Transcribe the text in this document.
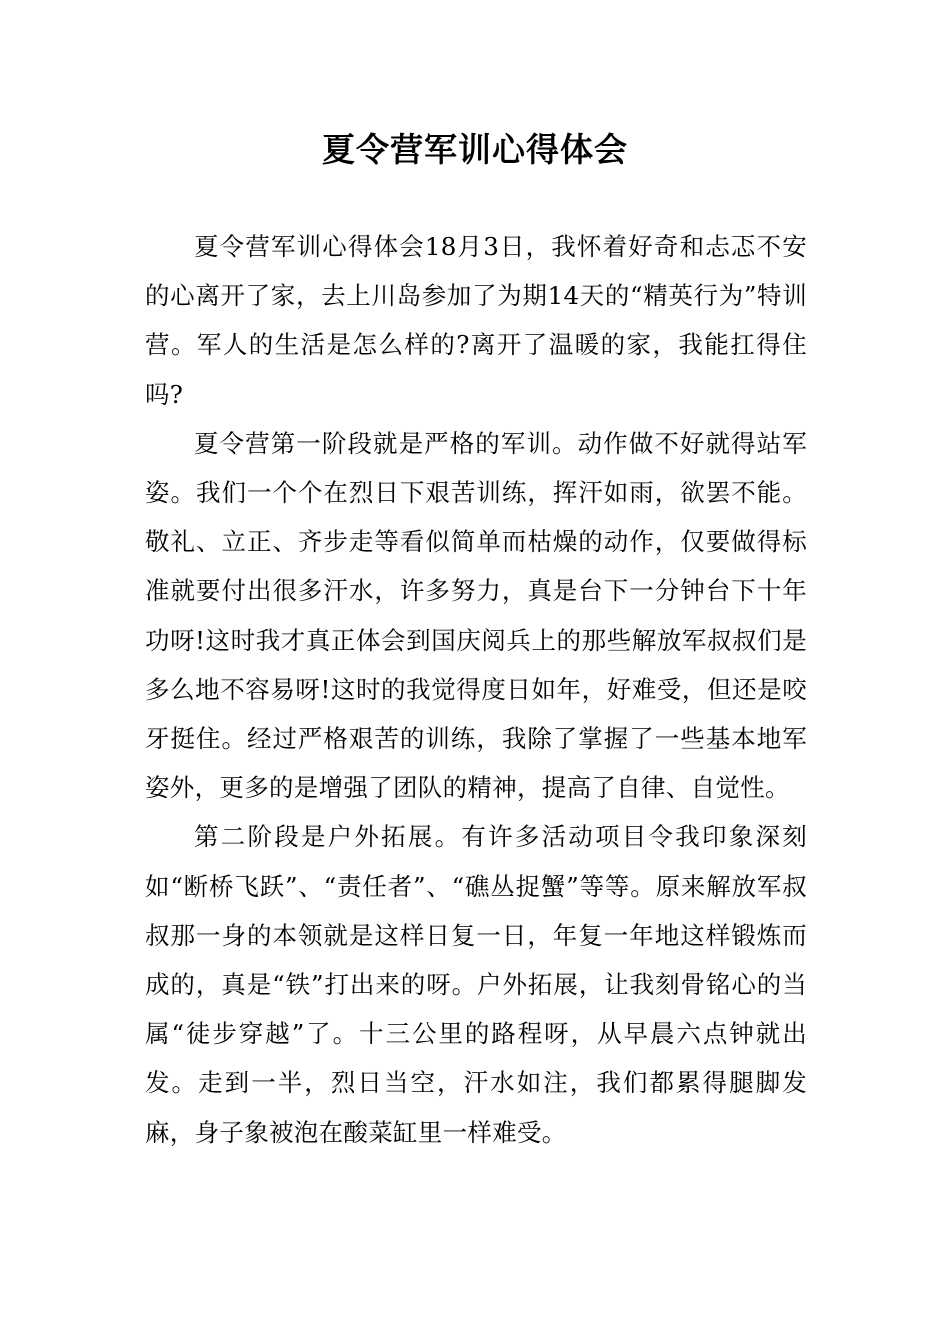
夏令营军训心得体会

夏令营军训心得体会18月3日，我怀着好奇和忐忑不安的心离开了家，去上川岛参加了为期14天的“精英行为”特训营。军人的生活是怎么样的?离开了温暖的家，我能扛得住吗?

夏令营第一阶段就是严格的军训。动作做不好就得站军姿。我们一个个在烈日下艰苦训练，挥汗如雨，欲罢不能。敬礼、立正、齐步走等看似简单而枯燥的动作，仅要做得标准就要付出很多汗水，许多努力，真是台下一分钟台下十年功呀!这时我才真正体会到国庆阅兵上的那些解放军叔叔们是多么地不容易呀!这时的我觉得度日如年，好难受，但还是咬牙挺住。经过严格艰苦的训练，我除了掌握了一些基本地军姿外，更多的是增强了团队的精神，提高了自律、自觉性。

第二阶段是户外拓展。有许多活动项目令我印象深刻如“断桥飞跃”、“责任者”、“礁丛捉蟹”等等。原来解放军叔叔那一身的本领就是这样日复一日，年复一年地这样锻炼而成的，真是“铁”打出来的呀。户外拓展，让我刻骨铭心的当属“徒步穿越”了。十三公里的路程呀，从早晨六点钟就出发。走到一半，烈日当空，汗水如注，我们都累得腿脚发麻，身子象被泡在酸菜缸里一样难受。
